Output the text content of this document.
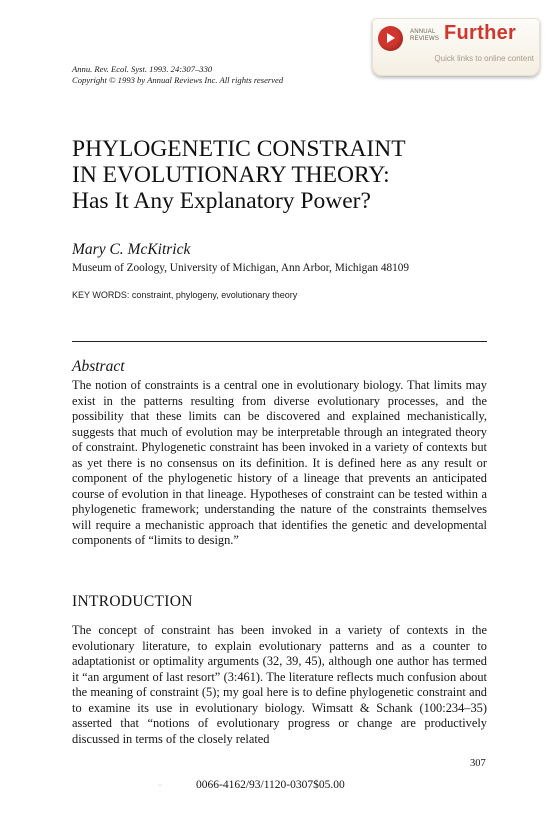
ANNUAL
REVIEWS Further
Quick links to online content
Annu. Rev. Ecol. Syst. 1993. 24:307–330
Copyright © 1993 by Annual Reviews Inc. All rights reserved
PHYLOGENETIC CONSTRAINT
IN EVOLUTIONARY THEORY:
Has It Any Explanatory Power?
Mary C. McKitrick
Museum of Zoology, University of Michigan, Ann Arbor, Michigan 48109
KEY WORDS: constraint, phylogeny, evolutionary theory
Abstract
The notion of constraints is a central one in evolutionary biology. That limits may exist in the patterns resulting from diverse evolutionary processes, and the possibility that these limits can be discovered and explained mechanistically, suggests that much of evolution may be interpretable through an integrated theory of constraint. Phylogenetic constraint has been invoked in a variety of contexts but as yet there is no consensus on its definition. It is defined here as any result or component of the phylogenetic history of a lineage that prevents an anticipated course of evolution in that lineage. Hypotheses of constraint can be tested within a phylogenetic framework; understanding the nature of the constraints themselves will require a mechanistic approach that identifies the genetic and developmental components of “limits to design.”
INTRODUCTION
The concept of constraint has been invoked in a variety of contexts in the evolutionary literature, to explain evolutionary patterns and as a counter to adaptationist or optimality arguments (32, 39, 45), although one author has termed it “an argument of last resort” (3:461). The literature reflects much confusion about the meaning of constraint (5); my goal here is to define phylogenetic constraint and to examine its use in evolutionary biology. Wimsatt & Schank (100:234–35) asserted that “notions of evolutionary progress or change are productively discussed in terms of the closely related
307
··	0066-4162/93/1120-0307$05.00
